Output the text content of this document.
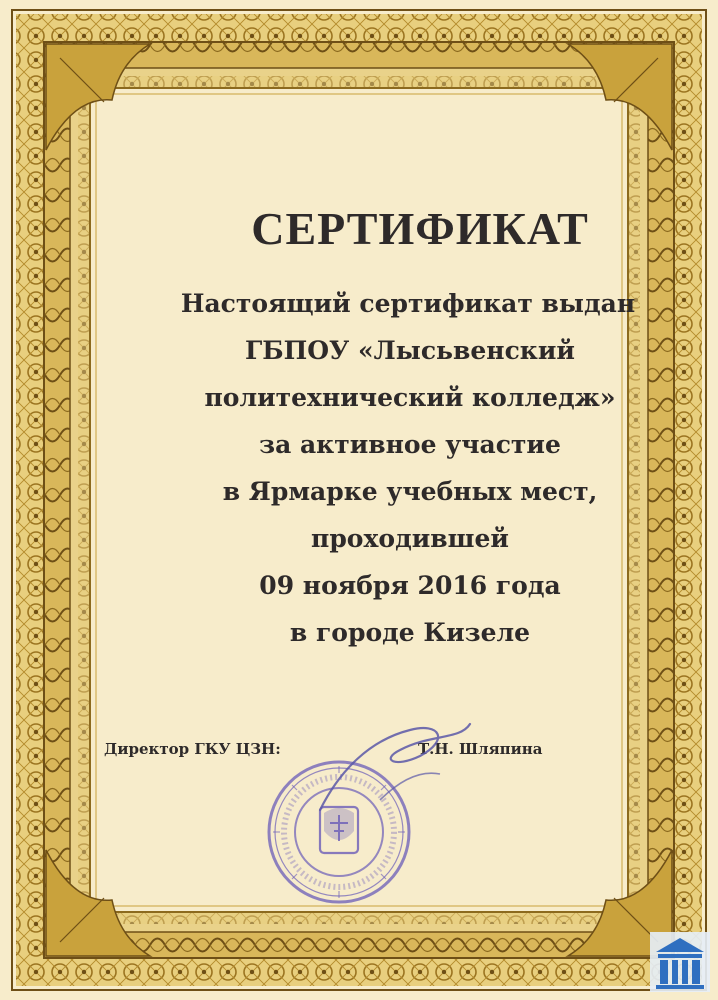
СЕРТИФИКАТ
Настоящий сертификат выдан
ГБПОУ «Лысьвенский
политехнический колледж»
за активное участие
в Ярмарке учебных мест,
проходившей
09 ноября 2016 года
в городе Кизеле
Директор ГКУ ЦЗН:	Т.Н. Шляпина
